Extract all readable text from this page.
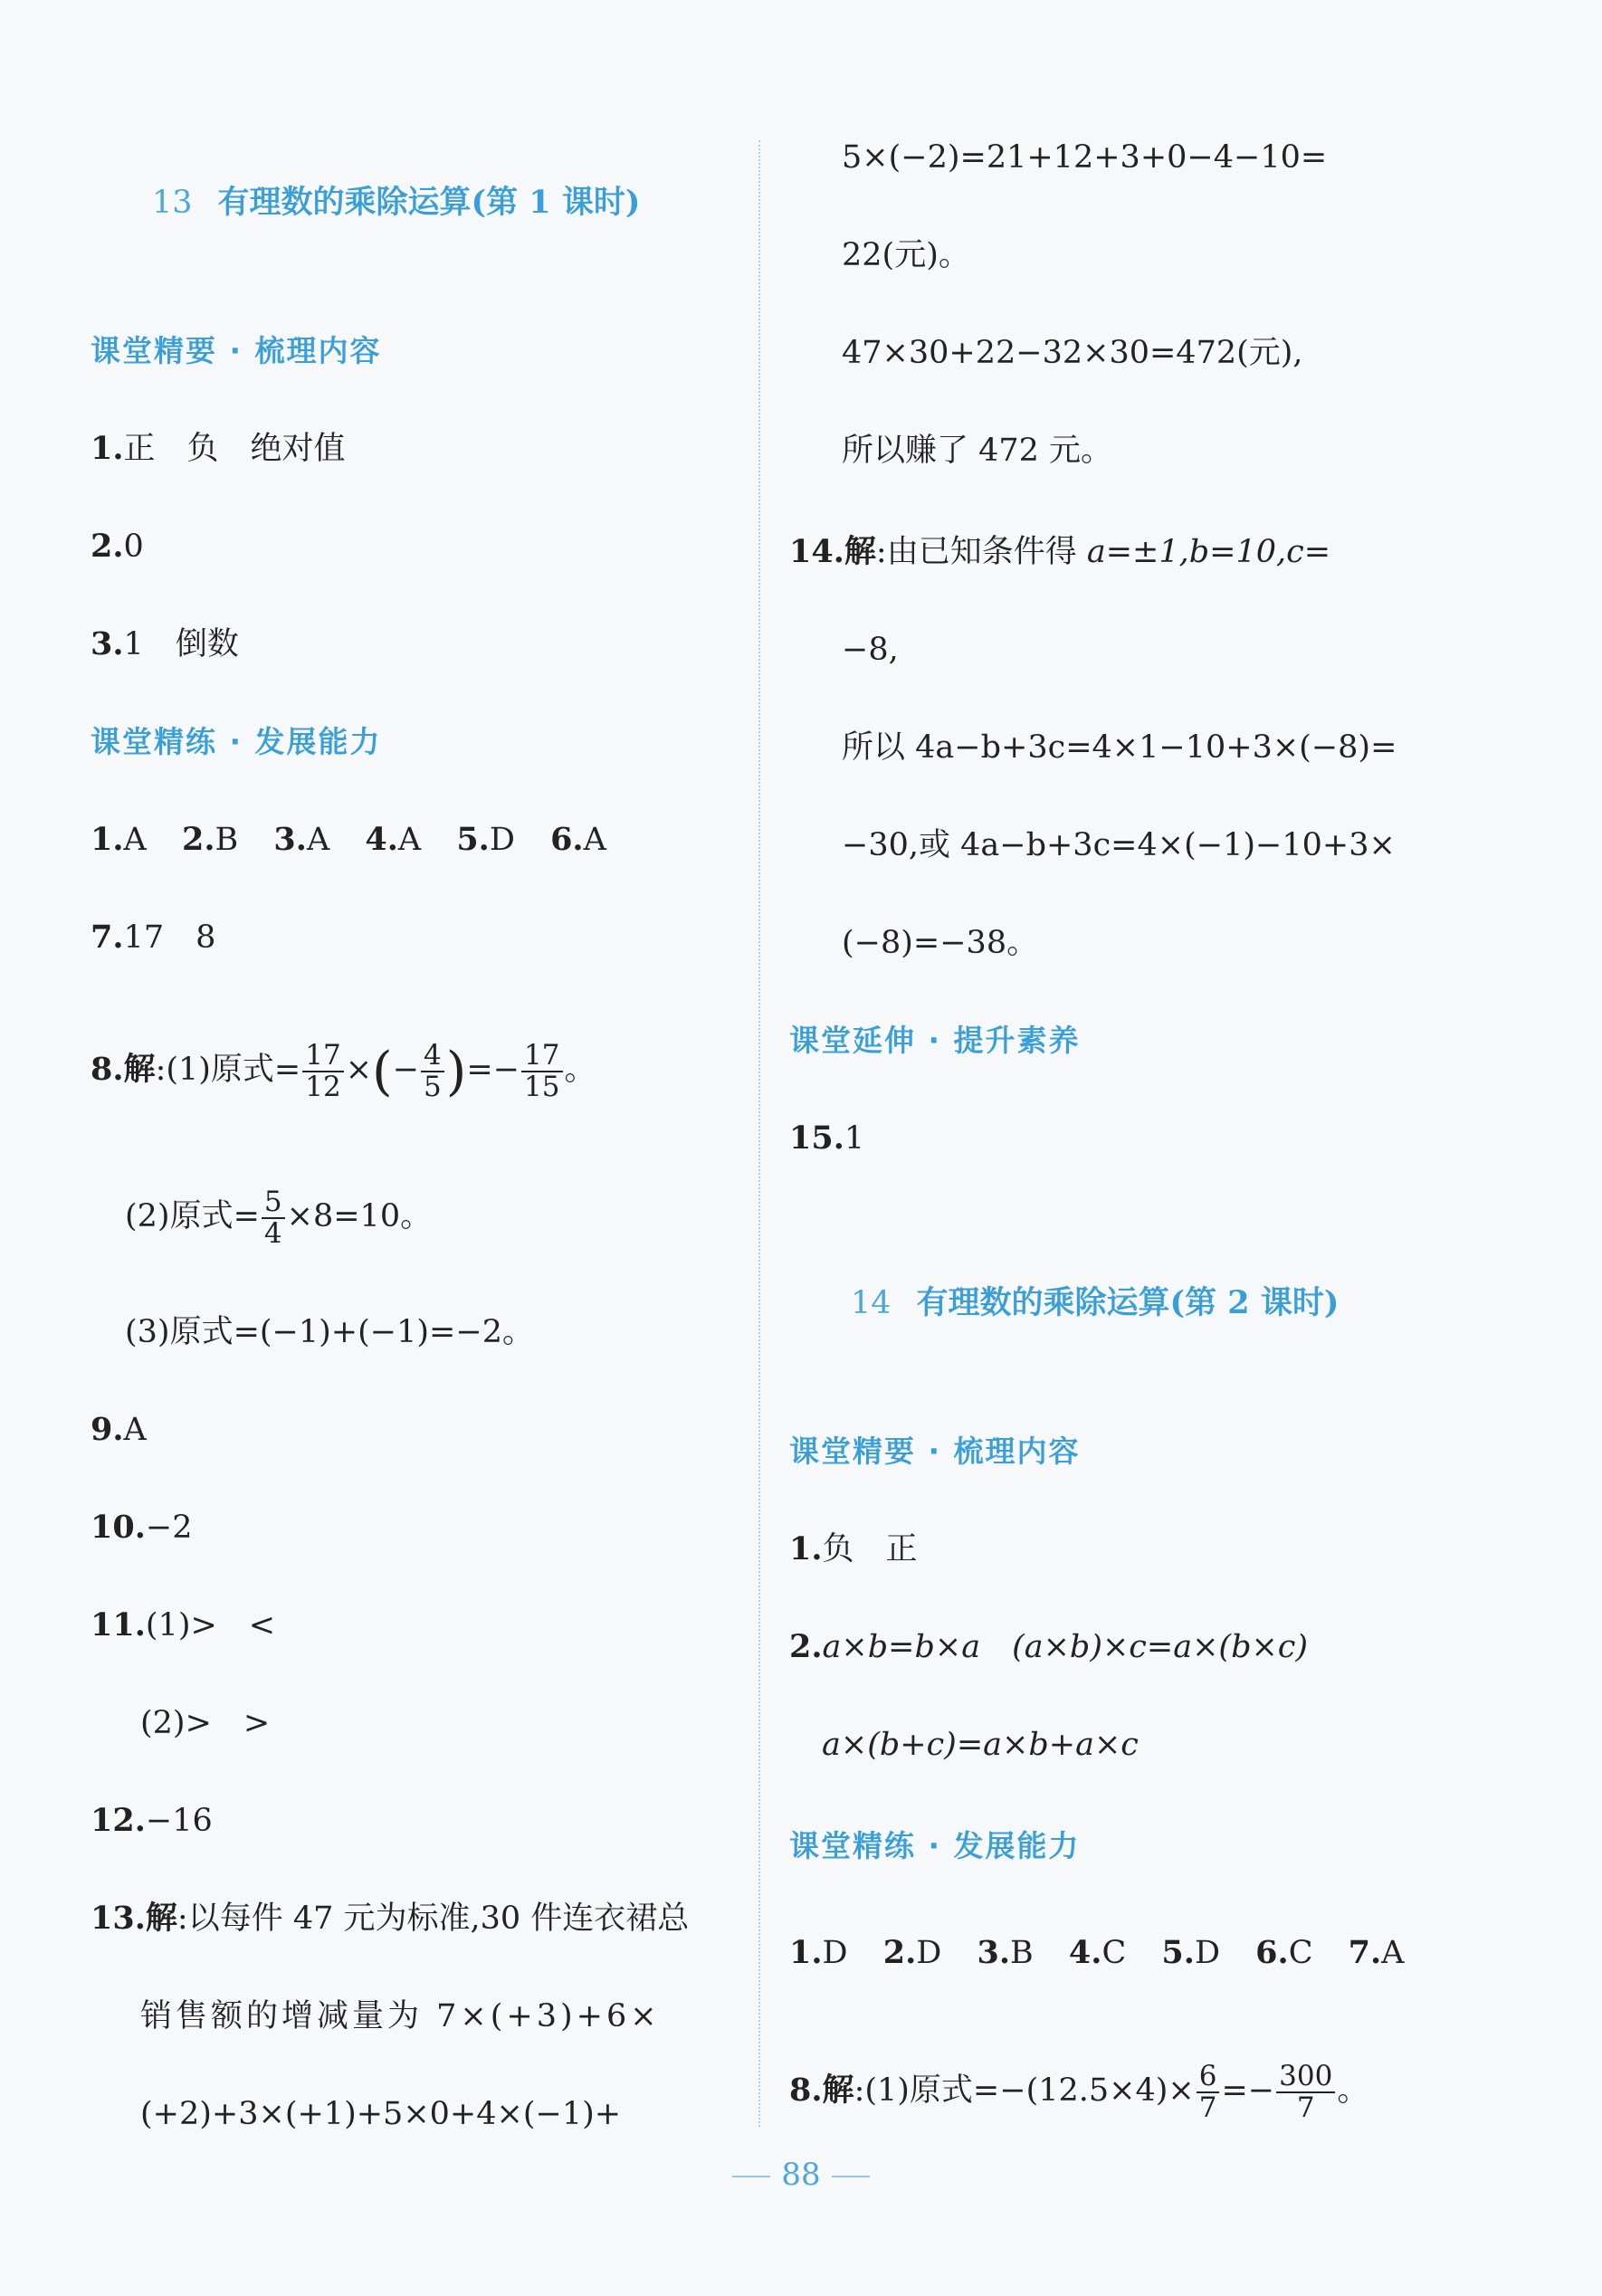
13 有理数的乘除运算(第 1 课时)
课堂精要 · 梳理内容
1.正　负　绝对值
2.0
3.1　倒数
课堂精练 · 发展能力
1.A 2.B 3.A 4.A 5.D 6.A
7.17　8
8.解:(1)原式= $\frac{17}{12}$ ×(− $\frac{4}{5}$ )=− $\frac{17}{15}$ 。
(2)原式= $\frac{5}{4} \times 8=10$。
(3)原式=(−1)+(−1)=−2。
9.A
10.−2
11.(1)>　<
(2)>　>
12.−16
13.解:以每件 47 元为标准,30 件连衣裙总
销售额的增减量为 7×(+3)+6×
(+2)+3×(+1)+5×0+4×(−1)+
5×(−2)=21+12+3+0−4−10=
22(元)。
47×30+22−32×30=472(元),
所以赚了 472 元。
14.解:由已知条件得 a=±1,b=10,c=
−8,
所以 4a−b+3c=4×1−10+3×(−8)=
−30,或 4a−b+3c=4×(−1)−10+3×
(−8)=−38。
课堂延伸 · 提升素养
15.1
14 有理数的乘除运算(第 2 课时)
课堂精要 · 梳理内容
1.负　正
2.a×b=b×a　(a×b)×c=a×(b×c)
a×(b+c)=a×b+a×c
课堂精练 · 发展能力
1.D 2.D 3.B 4.C 5.D 6.C 7.A
8.解:(1)原式$=-(12.5\times 4)\times \frac{6}{7} =- \frac{300}{7}$ 。
88
